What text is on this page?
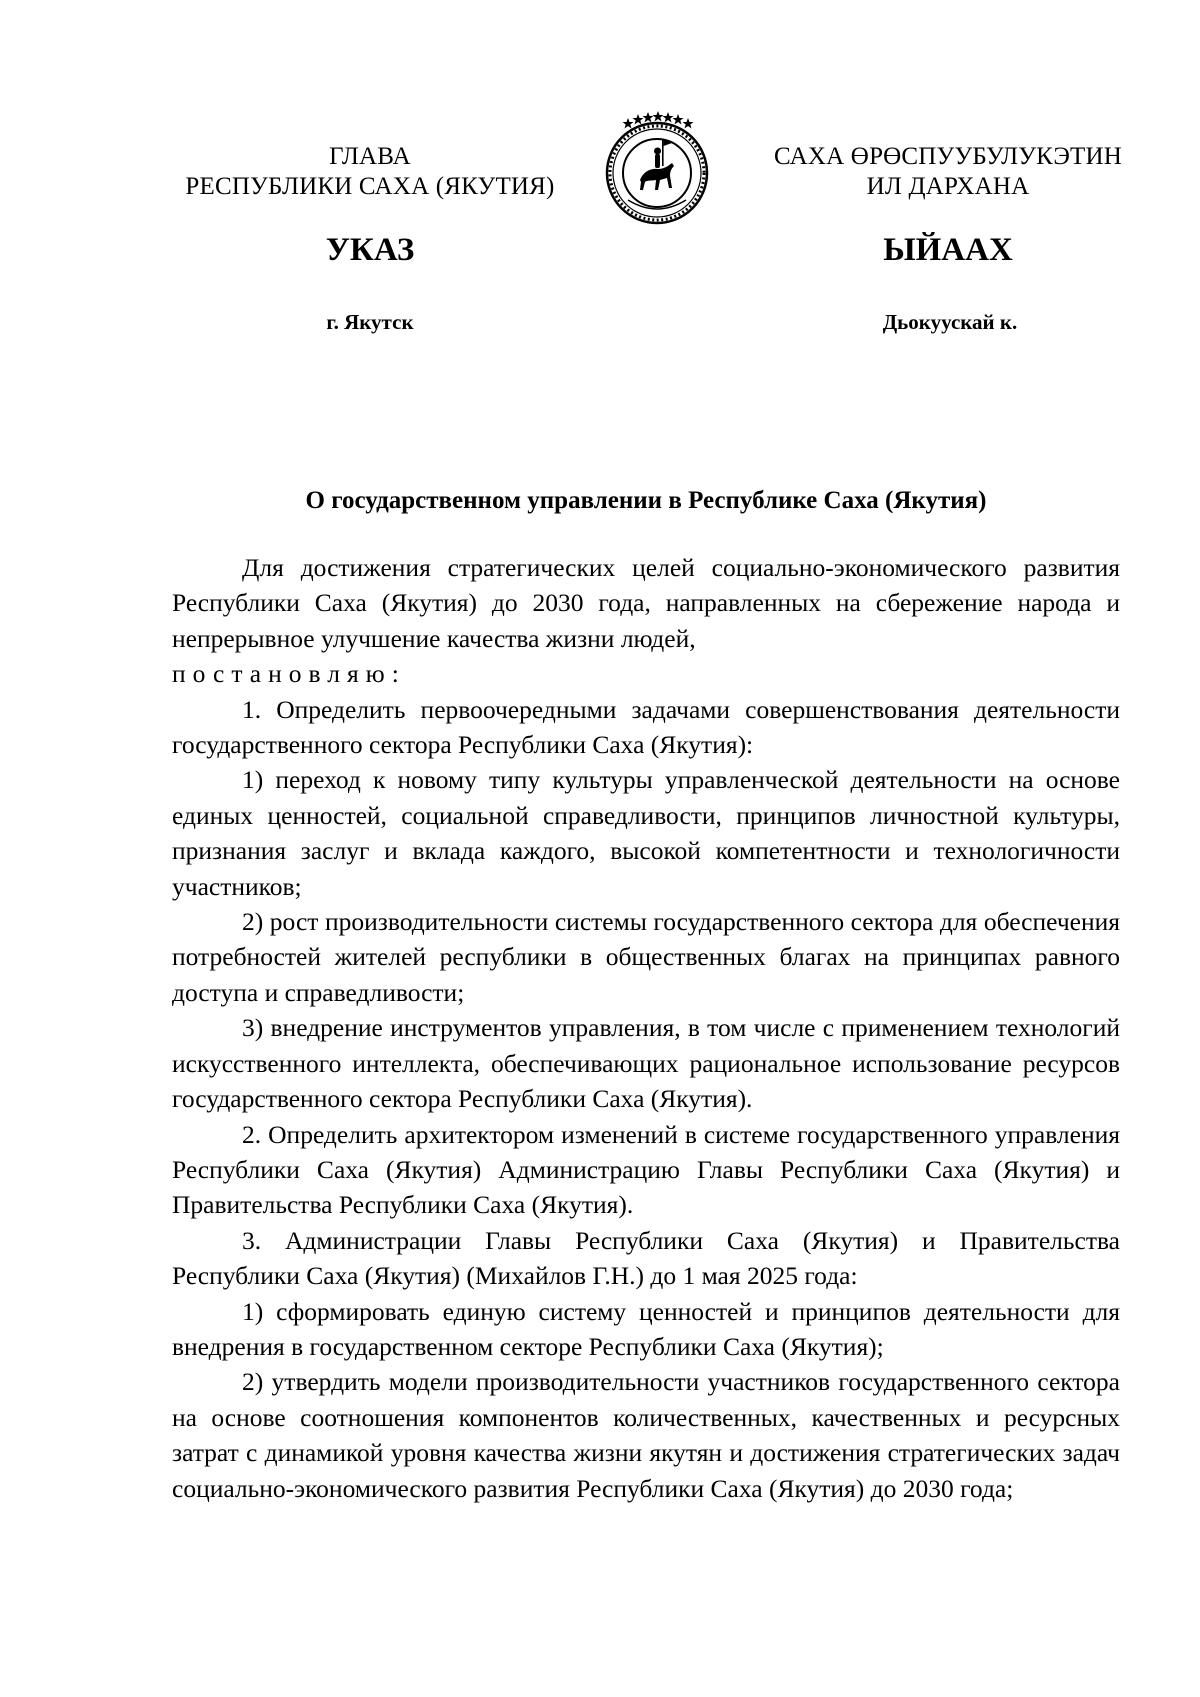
ГЛАВА
РЕСПУБЛИКИ САХА (ЯКУТИЯ)
САХА ӨРӨСПУУБУЛУКЭТИН
ИЛ ДАРХАНА
УКАЗ	ЫЙААХ
г. Якутск	Дьокуускай к.
О государственном управлении в Республике Саха (Якутия)

Для достижения стратегических целей социально-экономического развития Республики Саха (Якутия) до 2030 года, направленных на сбережение народа и непрерывное улучшение качества жизни людей,
постановляю:

1. Определить первоочередными задачами совершенствования деятельности государственного сектора Республики Саха (Якутия):

1) переход к новому типу культуры управленческой деятельности на основе единых ценностей, социальной справедливости, принципов личностной культуры, признания заслуг и вклада каждого, высокой компетентности и технологичности участников;

2) рост производительности системы государственного сектора для обеспечения потребностей жителей республики в общественных благах на принципах равного доступа и справедливости;

3) внедрение инструментов управления, в том числе с применением технологий искусственного интеллекта, обеспечивающих рациональное использование ресурсов государственного сектора Республики Саха (Якутия).

2. Определить архитектором изменений в системе государственного управления Республики Саха (Якутия) Администрацию Главы Республики Саха (Якутия) и Правительства Республики Саха (Якутия).

3. Администрации Главы Республики Саха (Якутия) и Правительства Республики Саха (Якутия) (Михайлов Г.Н.) до 1 мая 2025 года:

1) сформировать единую систему ценностей и принципов деятельности для внедрения в государственном секторе Республики Саха (Якутия);

2) утвердить модели производительности участников государственного сектора на основе соотношения компонентов количественных, качественных и ресурсных затрат с динамикой уровня качества жизни якутян и достижения стратегических задач социально-экономического развития Республики Саха (Якутия) до 2030 года;
